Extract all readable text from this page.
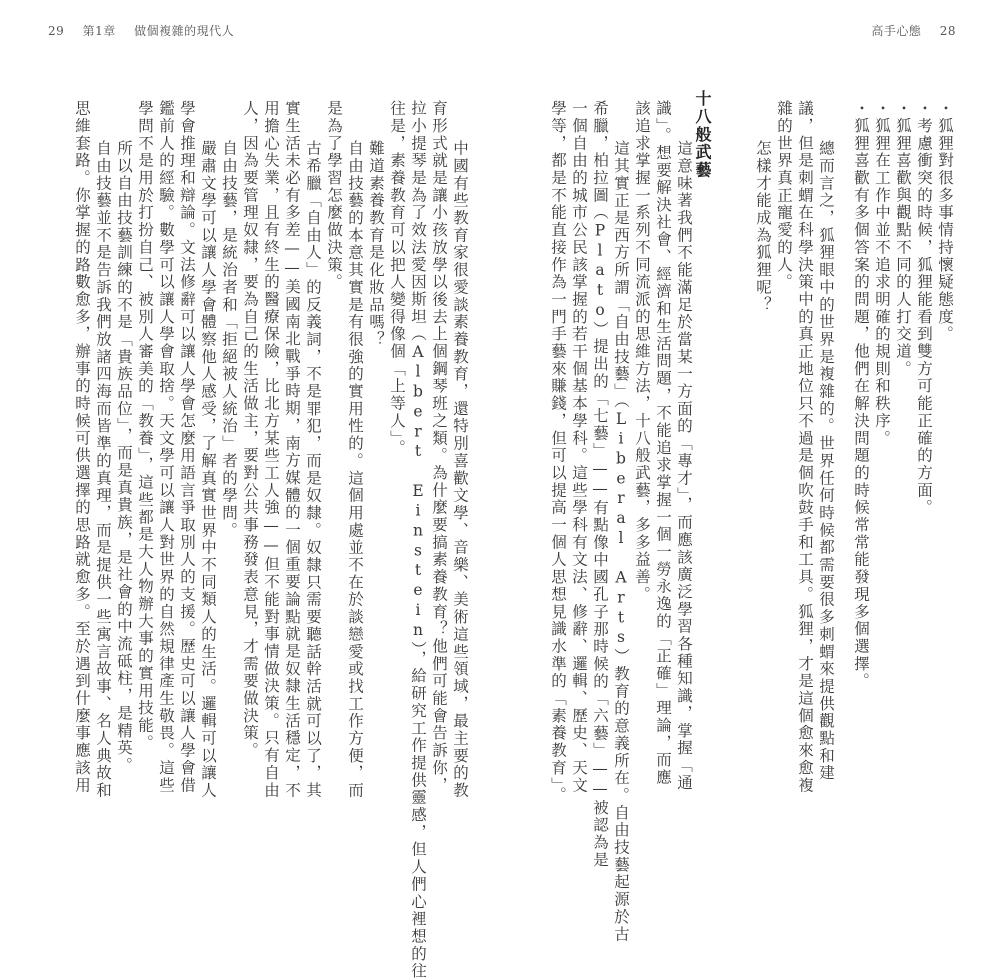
29 第1章 做個複雜的現代人	高手心態 28
・狐狸對很多事情持懷疑態度。
・考慮衝突的時候，狐狸能看到雙方可能正確的方面。
・狐狸喜歡與觀點不同的人打交道。
・狐狸在工作中並不追求明確的規則和秩序。
・狐狸喜歡有多個答案的問題，他們在解決問題的時候常常能發現多個選擇。
總而言之，狐狸眼中的世界是複雜的。世界任何時候都需要很多刺蝟來提供觀點和建
議，但是刺蝟在科學決策中的真正地位只不過是個吹鼓手和工具。狐狸，才是這個愈來愈複
雜的世界真正寵愛的人。
怎樣才能成為狐狸呢？
十八般武藝
這意味著我們不能滿足於當某一方面的「專才」，而應該廣泛學習各種知識，掌握「通
識」。想要解決社會、經濟和生活問題，不能追求掌握一個一勞永逸的「正確」理論，而應
該追求掌握一系列不同流派的思維方法，十八般武藝，多多益善。
這其實正是西方所謂「自由技藝」（Liberal Arts）教育的意義所在。自由技藝起源於古
希臘，柏拉圖（Plato）提出的「七藝」——有點像中國孔子那時候的「六藝」——被認為是
一個自由的城市公民該掌握的若干個基本學科。這些學科有文法、修辭、邏輯、歷史、天文
學等，都是不能直接作為一門手藝來賺錢，但可以提高一個人思想見識水準的「素養教育」。
中國有些教育家很愛談素養教育，還特別喜歡文學、音樂、美術這些領域，最主要的教
育形式就是讓小孩放學以後去上個鋼琴班之類。為什麼要搞素養教育？他們可能會告訴你，
拉小提琴是為了效法愛因斯坦（Albert Einstein），給研究工作提供靈感，但人們心裡想的往
往是，素養教育可以把人變得像個「上等人」。
難道素養教育是化妝品嗎？
自由技藝的本意其實是有很強的實用性的。這個用處並不在於談戀愛或找工作方便，而
是為了學習怎麼做決策。
古希臘「自由人」的反義詞，不是罪犯，而是奴隸。奴隸只需要聽話幹活就可以了，其
實生活未必有多差——美國南北戰爭時期，南方媒體的一個重要論點就是奴隸生活穩定，不
用擔心失業，且有終生的醫療保險，比北方某些工人強——但不能對事情做決策。只有自由
人，因為要管理奴隸，要為自己的生活做主，要對公共事務發表意見，才需要做決策。
自由技藝，是統治者和「拒絕被人統治」者的學問。
嚴肅文學可以讓人學會體察他人感受，了解真實世界中不同類人的生活。邏輯可以讓人
學會推理和辯論。文法修辭可以讓人學會怎麼用語言爭取別人的支援。歷史可以讓人學會借
鑑前人的經驗。數學可以讓人學會取捨。天文學可以讓人對世界的自然規律產生敬畏。這些
學問不是用於打扮自己、被別人審美的「教養」，這些都是大人物辦大事的實用技能。
所以自由技藝訓練的不是「貴族品位」，而是真貴族，是社會的中流砥柱，是精英。
自由技藝並不是告訴我們放諸四海而皆準的真理，而是提供一些寓言故事、名人典故和
思維套路。你掌握的路數愈多，辦事的時候可供選擇的思路就愈多。至於遇到什麼事應該用
